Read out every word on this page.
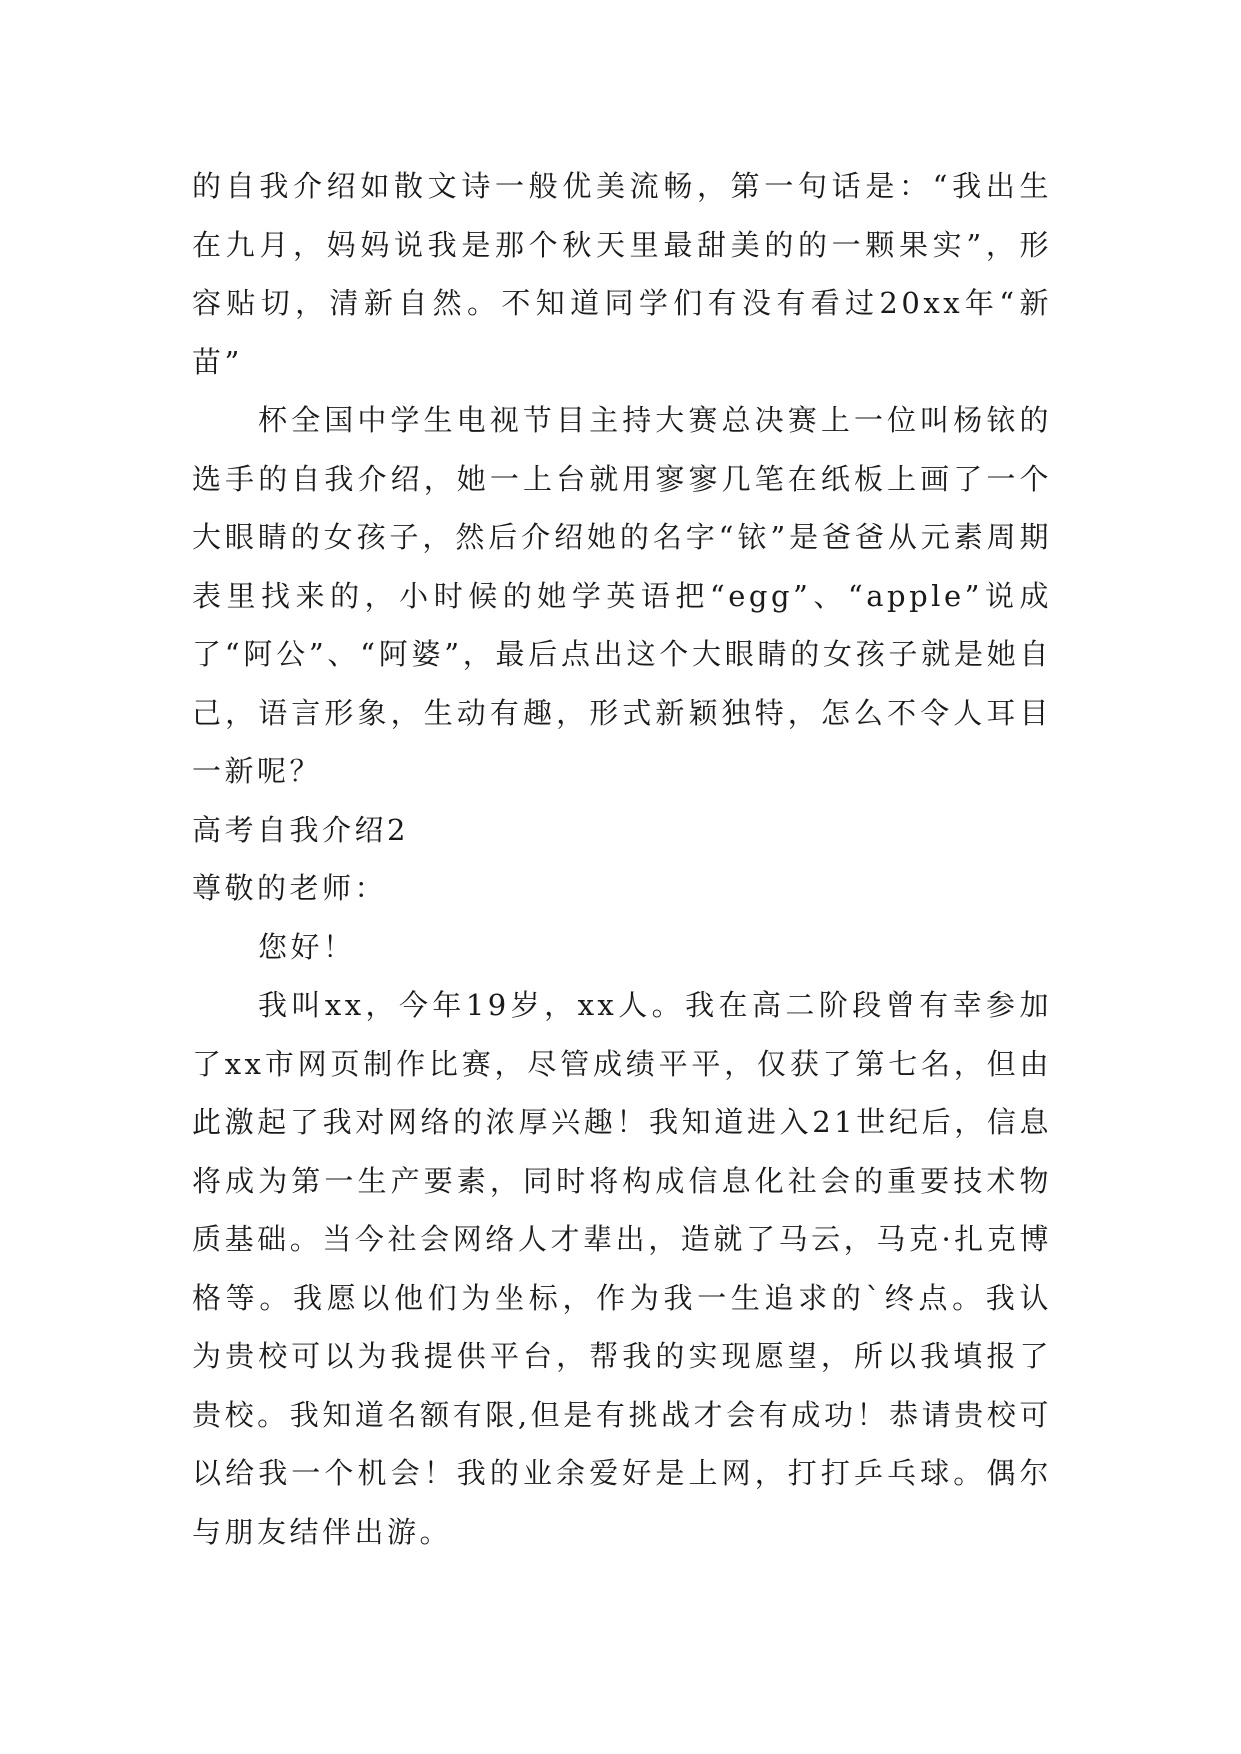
的自我介绍如散文诗一般优美流畅，第一句话是：“我出生在九月，妈妈说我是那个秋天里最甜美的的一颗果实”，形容贴切，清新自然。不知道同学们有没有看过20xx年“新苗”

杯全国中学生电视节目主持大赛总决赛上一位叫杨铱的选手的自我介绍，她一上台就用寥寥几笔在纸板上画了一个大眼睛的女孩子，然后介绍她的名字“铱”是爸爸从元素周期表里找来的，小时候的她学英语把“egg”、“apple”说成了“阿公”、“阿婆”，最后点出这个大眼睛的女孩子就是她自己，语言形象，生动有趣，形式新颖独特，怎么不令人耳目一新呢？

高考自我介绍2

尊敬的老师：

您好！

我叫xx，今年19岁，xx人。我在高二阶段曾有幸参加了xx市网页制作比赛，尽管成绩平平，仅获了第七名，但由此激起了我对网络的浓厚兴趣！我知道进入21世纪后，信息将成为第一生产要素，同时将构成信息化社会的重要技术物质基础。当今社会网络人才辈出，造就了马云，马克·扎克博格等。我愿以他们为坐标，作为我一生追求的`终点。我认为贵校可以为我提供平台，帮我的实现愿望，所以我填报了贵校。我知道名额有限,但是有挑战才会有成功！恭请贵校可以给我一个机会！我的业余爱好是上网，打打乒乓球。偶尔与朋友结伴出游。
